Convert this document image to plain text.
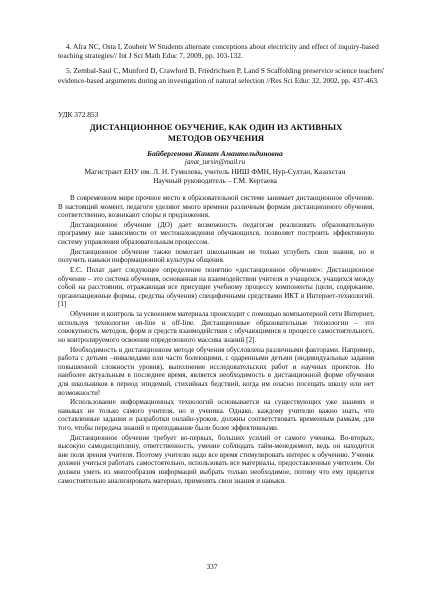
4. Afra NC, Osta I, Zouheir W Students alternate conceptions about electricity and effect of inquiry-based teaching strategies// Int J Sci Math Educ 7, 2009, pp. 103-132.

5. Zembal-Saul C, Munford D, Crawford B, Friedrichsen P, Land S Scaffolding preservice science teachers' evidence-based arguments during an investigation of natural selection //Res Sci Educ 32, 2002, pp. 437-463.

УДК 372.853
ДИСТАНЦИОННОЕ ОБУЧЕНИЕ, КАК ОДИН ИЗ АКТИВНЫХ МЕТОДОВ ОБУЧЕНИЯ
Байбергенова Жанат Амантельдиновна
janat_tursin@mail.ru
Магистрант ЕНУ им. Л. Н. Гумилева, учитель НИШ ФМН, Нур-Султан, Казахстан
Научный руководитель – Г.М. Кертаева

В современном мире прочное место в образовательной системе занимает дистанционное обучение. В настоящий момент, педагоги уделяют много времени различным формам дистанционного обучения, соответственно, возникают споры и предложения.

Дистанционное обучение (ДО) дает возможность педагогам реализовать образовательную программу вне зависимости от местонахождения обучающихся, позволяет построить эффективную систему управления образовательным процессом.

Дистанционное обучение также помогает школьникам не только углубить свои знания, но и получить навыки информационной культуры общения.

Е.С. Полат дает следующее определение понятию «дистанционное обучение»: Дистанционное обучение – это система обучения, основанная на взаимодействии учителя и учащихся, учащихся между собой на расстоянии, отражающая все присущие учебному процессу компоненты (цели, содержание, организационные формы, средства обучения) специфичными средствами ИКТ и Интернет-технологий. [1]

Обучение и контроль за усвоением материала происходит с помощью компьютерной сети Интернет, используя технологии on-line и off-line. Дистанционные образовательные технологии – это совокупность методов, форм и средств взаимодействия с обучающимися в процессе самостоятельного, но контролируемого освоения определенного массива знаний [2].

Необходимость в дистанционном методе обучения обусловлена различными факторами. Например, работа с детьми –инвалидами или часто болеющими, с одаренными детьми (индивидуальные задания повышенной сложности уровня), выполнение исследовательских работ и научных проектов. Но наиболее актуальным в последнее время, является необходимость в дистанционной форме обучения для школьников в период эпидемий, стихийных бедствий, когда им опасно посещать школу или нет возможности!

Использование информационных технологий основывается на существующих уже знаниях и навыках не только самого учителя, но и ученика. Однако, каждому учителю важно знать, что составленные задания и разработки онлайн-уроков, должны соответствовать временным рамкам, для того, чтобы передача знаний и преподавание были более эффективными.

Дистанционное обучение требует во-первых, больших усилий от самого ученика. Во-вторых, высокую самодисциплину, ответственность, умение соблюдать тайм-менеджмент, ведь он находится вне поля зрения учителя. Поэтому учителю надо все время стимулировать интерес к обучению. Ученик должен учиться работать самостоятельно, использовать все материалы, предоставленные учителем. Он должен уметь из многообразия информаций выбрать только необходимое, потому что ему придется самостоятельно анализировать материал, применять свои знания и навыки.

337
